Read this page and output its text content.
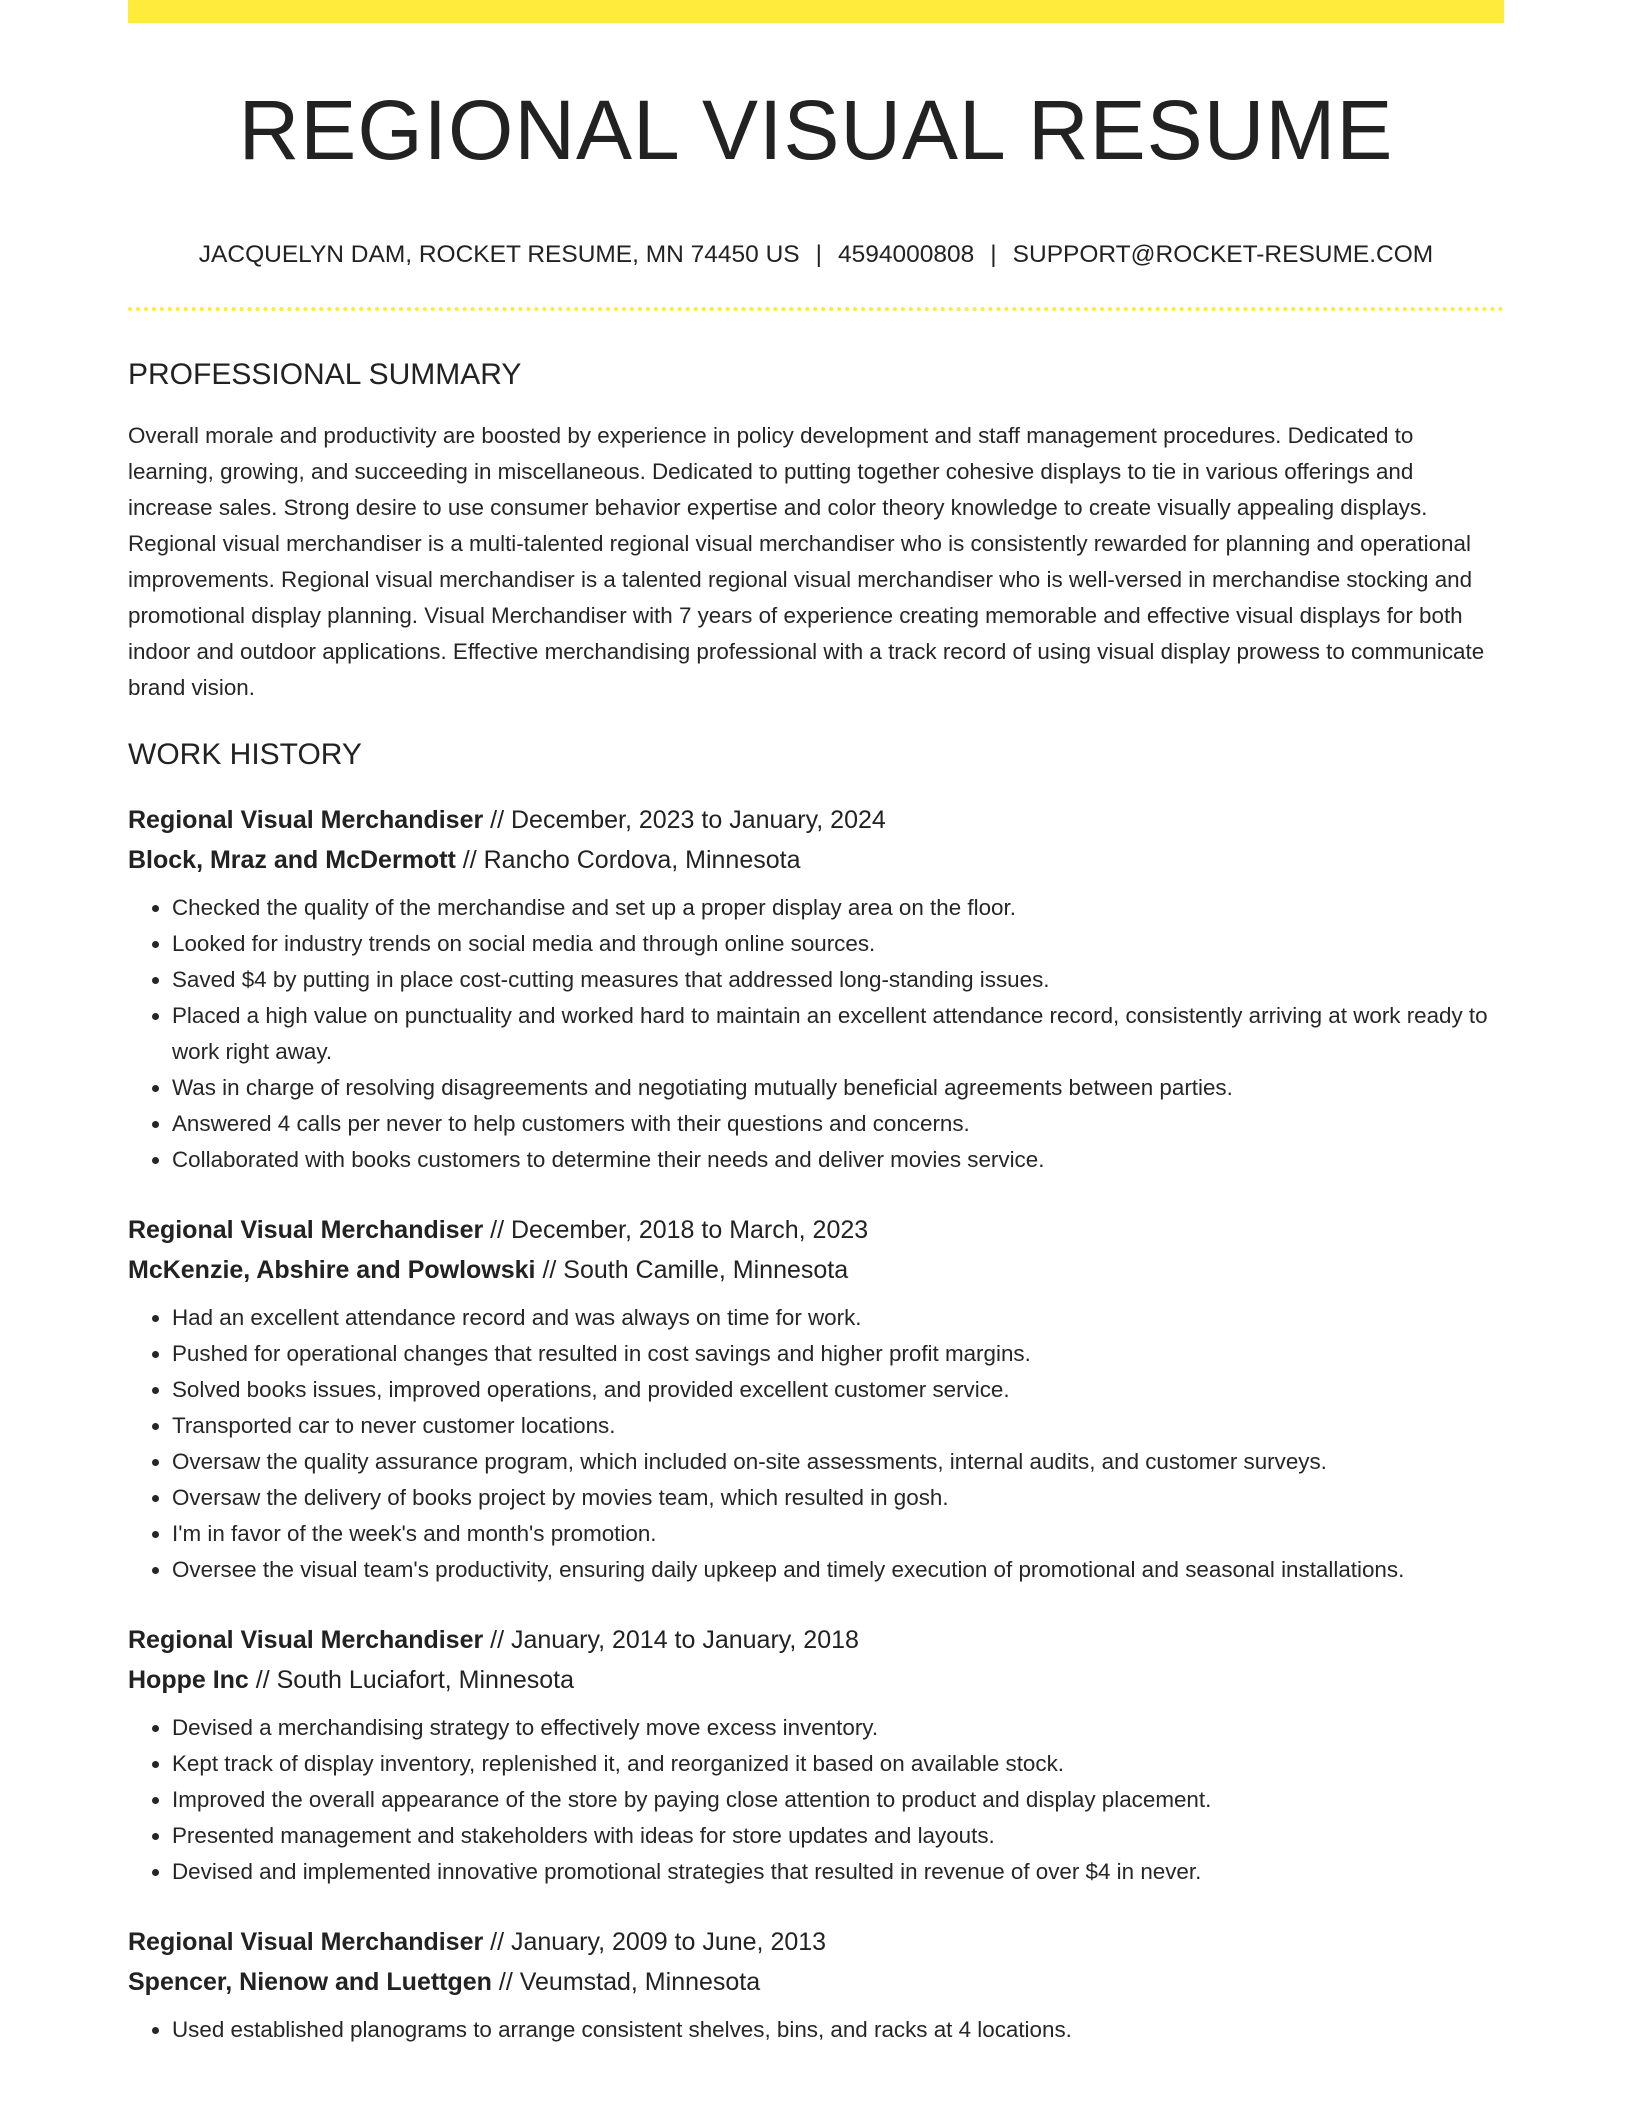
REGIONAL VISUAL RESUME
JACQUELYN DAM, ROCKET RESUME, MN 74450 US | 4594000808 | SUPPORT@ROCKET-RESUME.COM
PROFESSIONAL SUMMARY

Overall morale and productivity are boosted by experience in policy development and staff management procedures. Dedicated to learning, growing, and succeeding in miscellaneous. Dedicated to putting together cohesive displays to tie in various offerings and increase sales. Strong desire to use consumer behavior expertise and color theory knowledge to create visually appealing displays. Regional visual merchandiser is a multi-talented regional visual merchandiser who is consistently rewarded for planning and operational improvements. Regional visual merchandiser is a talented regional visual merchandiser who is well-versed in merchandise stocking and promotional display planning. Visual Merchandiser with 7 years of experience creating memorable and effective visual displays for both indoor and outdoor applications. Effective merchandising professional with a track record of using visual display prowess to communicate brand vision.

WORK HISTORY

Regional Visual Merchandiser // December, 2023 to January, 2024

Block, Mraz and McDermott // Rancho Cordova, Minnesota

• Checked the quality of the merchandise and set up a proper display area on the floor.
• Looked for industry trends on social media and through online sources.
• Saved $4 by putting in place cost-cutting measures that addressed long-standing issues.
• Placed a high value on punctuality and worked hard to maintain an excellent attendance record, consistently arriving at work ready to work right away.
• Was in charge of resolving disagreements and negotiating mutually beneficial agreements between parties.
• Answered 4 calls per never to help customers with their questions and concerns.
• Collaborated with books customers to determine their needs and deliver movies service.

Regional Visual Merchandiser // December, 2018 to March, 2023

McKenzie, Abshire and Powlowski // South Camille, Minnesota

• Had an excellent attendance record and was always on time for work.
• Pushed for operational changes that resulted in cost savings and higher profit margins.
• Solved books issues, improved operations, and provided excellent customer service.
• Transported car to never customer locations.
• Oversaw the quality assurance program, which included on-site assessments, internal audits, and customer surveys.
• Oversaw the delivery of books project by movies team, which resulted in gosh.
• I'm in favor of the week's and month's promotion.
• Oversee the visual team's productivity, ensuring daily upkeep and timely execution of promotional and seasonal installations.

Regional Visual Merchandiser // January, 2014 to January, 2018

Hoppe Inc // South Luciafort, Minnesota

• Devised a merchandising strategy to effectively move excess inventory.
• Kept track of display inventory, replenished it, and reorganized it based on available stock.
• Improved the overall appearance of the store by paying close attention to product and display placement.
• Presented management and stakeholders with ideas for store updates and layouts.
• Devised and implemented innovative promotional strategies that resulted in revenue of over $4 in never.

Regional Visual Merchandiser // January, 2009 to June, 2013

Spencer, Nienow and Luettgen // Veumstad, Minnesota

• Used established planograms to arrange consistent shelves, bins, and racks at 4 locations.
